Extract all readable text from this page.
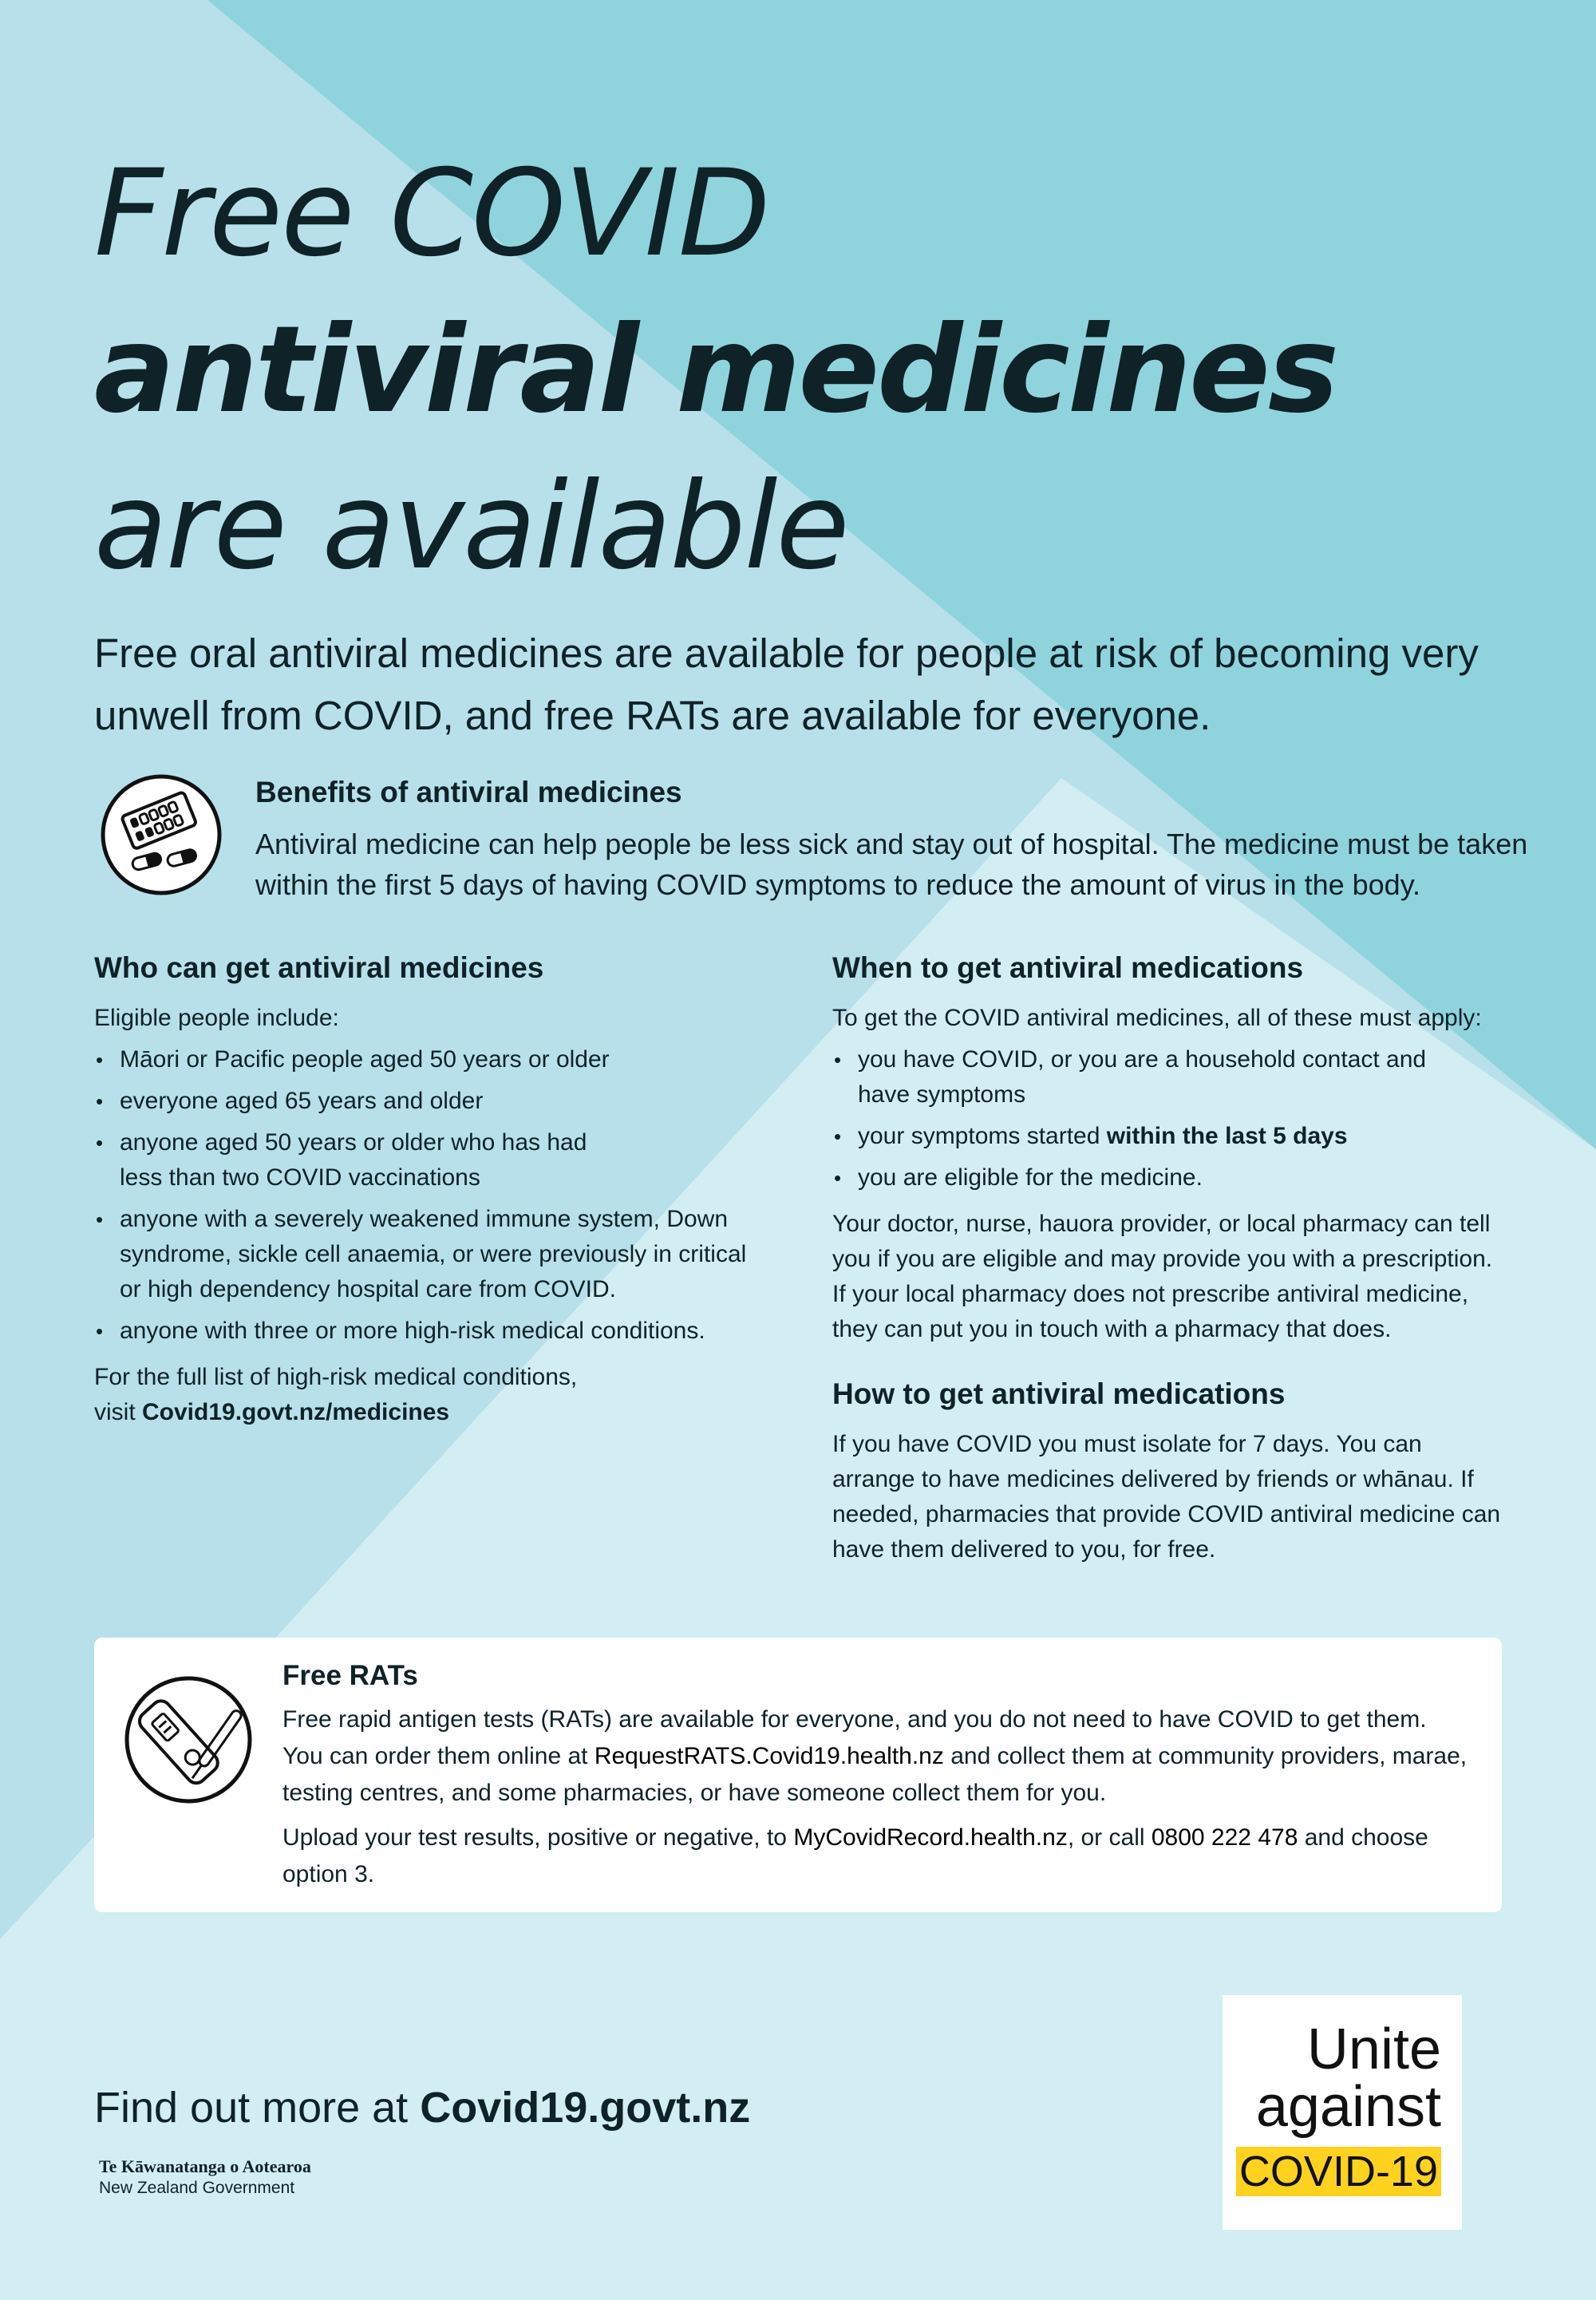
Free COVID
antiviral medicines
are available

Free oral antiviral medicines are available for people at risk of becoming very unwell from COVID, and free RATs are available for everyone.

Benefits of antiviral medicines

Antiviral medicine can help people be less sick and stay out of hospital. The medicine must be taken within the first 5 days of having COVID symptoms to reduce the amount of virus in the body.

Who can get antiviral medicines

Eligible people include:

• Māori or Pacific people aged 50 years or older
• everyone aged 65 years and older
• anyone aged 50 years or older who has had less than two COVID vaccinations
• anyone with a severely weakened immune system, Down syndrome, sickle cell anaemia, or were previously in critical or high dependency hospital care from COVID.
• anyone with three or more high-risk medical conditions.

For the full list of high-risk medical conditions, visit Covid19.govt.nz/medicines

When to get antiviral medications

To get the COVID antiviral medicines, all of these must apply:

• you have COVID, or you are a household contact and have symptoms
• your symptoms started within the last 5 days
• you are eligible for the medicine.

Your doctor, nurse, hauora provider, or local pharmacy can tell you if you are eligible and may provide you with a prescription. If your local pharmacy does not prescribe antiviral medicine, they can put you in touch with a pharmacy that does.

How to get antiviral medications

If you have COVID you must isolate for 7 days. You can arrange to have medicines delivered by friends or whānau. If needed, pharmacies that provide COVID antiviral medicine can have them delivered to you, for free.

Free RATs

Free rapid antigen tests (RATs) are available for everyone, and you do not need to have COVID to get them. You can order them online at RequestRATS.Covid19.health.nz and collect them at community providers, marae, testing centres, and some pharmacies, or have someone collect them for you.

Upload your test results, positive or negative, to MyCovidRecord.health.nz, or call 0800 222 478 and choose option 3.

Find out more at Covid19.govt.nz

Te Kāwanatanga o Aotearoa

New Zealand Government

Unite
against
COVID-19
